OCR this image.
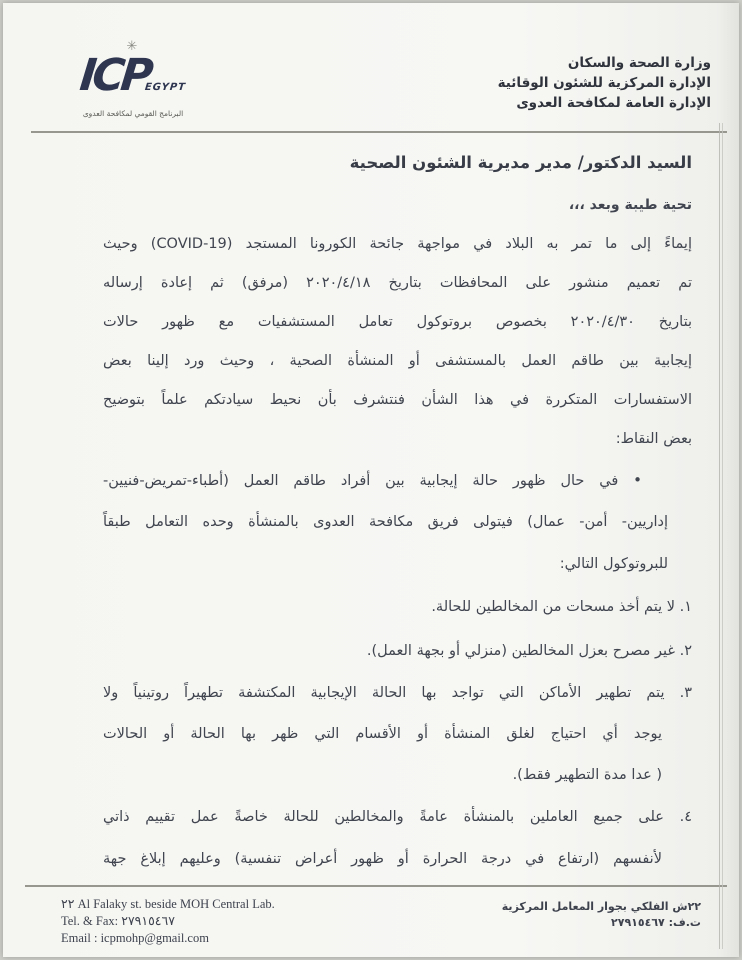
✳
ICPEGYPT
البرنامج القومي لمكافحة العدوى
وزارة الصحة والسكان
الإدارة المركزية للشئون الوقائية
الإدارة العامة لمكافحة العدوى
السيد الدكتور/ مدير مديرية الشئون الصحية
تحية طيبة وبعد ،،،
إيماءً إلى ما تمر به البلاد في مواجهة جائحة الكورونا المستجد (COVID-19) وحيث
تم تعميم منشور على المحافظات بتاريخ ٢٠٢٠/٤/١٨ (مرفق) ثم إعادة إرساله
بتاريخ ٢٠٢٠/٤/٣٠ بخصوص بروتوكول تعامل المستشفيات مع ظهور حالات
إيجابية بين طاقم العمل بالمستشفى أو المنشأة الصحية ، وحيث ورد إلينا بعض
الاستفسارات المتكررة في هذا الشأن فنتشرف بأن نحيط سيادتكم علماً بتوضيح
بعض النقاط:
• في حال ظهور حالة إيجابية بين أفراد طاقم العمل (أطباء-تمريض-فنيين-
إداريين- أمن- عمال) فيتولى فريق مكافحة العدوى بالمنشأة وحده التعامل طبقاً
للبروتوكول التالي:
١. لا يتم أخذ مسحات من المخالطين للحالة.
٢. غير مصرح بعزل المخالطين (منزلي أو بجهة العمل).
٣. يتم تطهير الأماكن التي تواجد بها الحالة الإيجابية المكتشفة تطهيراً روتينياً ولا
يوجد أي احتياج لغلق المنشأة أو الأقسام التي ظهر بها الحالة أو الحالات
( عدا مدة التطهير فقط).
٤. على جميع العاملين بالمنشأة عامةً والمخالطين للحالة خاصةً عمل تقييم ذاتي
لأنفسهم (ارتفاع في درجة الحرارة أو ظهور أعراض تنفسية) وعليهم إبلاغ جهة
٢٢ Al Falaky st. beside MOH Central Lab.
Tel. & Fax: ٢٧٩١٥٤٦٧
Email : icpmohp@gmail.com
٢٢ش الفلكي بجوار المعامل المركزية
ت.ف: ٢٧٩١٥٤٦٧
